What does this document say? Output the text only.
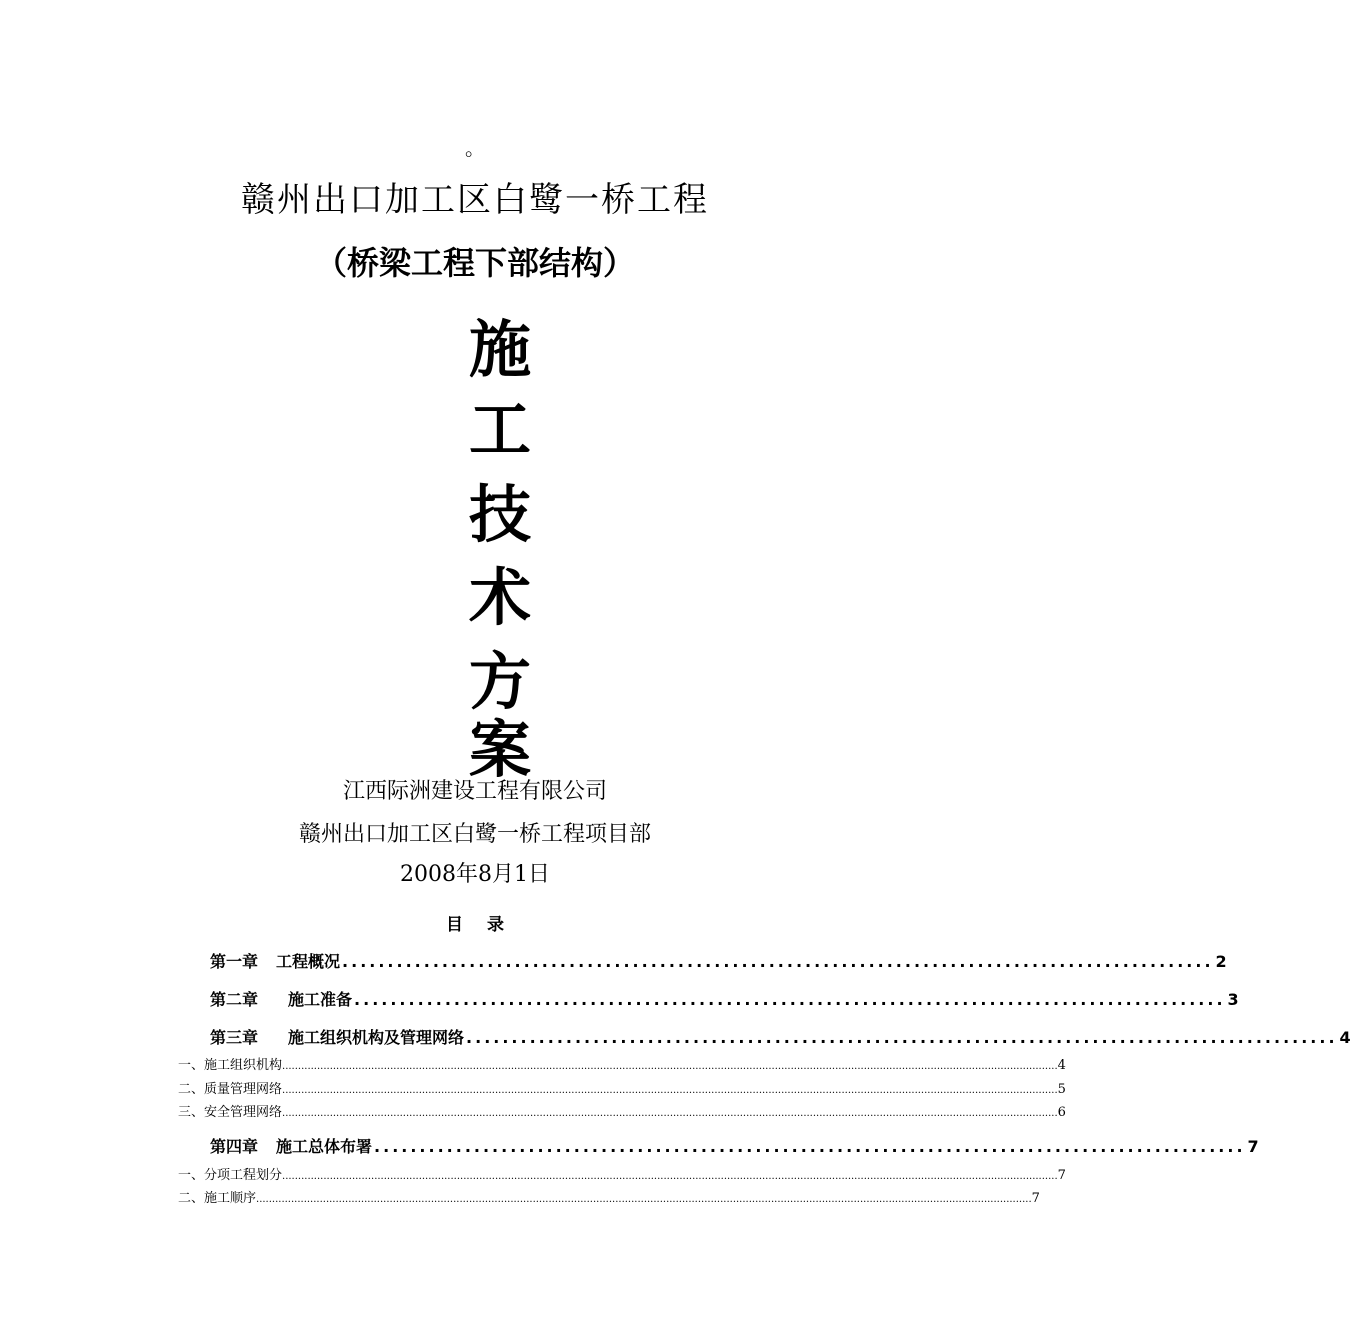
。
赣州出口加工区白鹭一桥工程
（桥梁工程下部结构）
施
工
技
术
方
案
江西际洲建设工程有限公司
赣州出口加工区白鹭一桥工程项目部
2008年8月1日
目 录
第一章 工程概况 ................................................................................................ 2
第二章 施工准备 ................................................................................................ 3
第三章 施工组织机构及管理网络 ................................................................................................ 4
一、施工组织机构 .................................................................................................................................................................................................................................................... 4
二、质量管理网络 .................................................................................................................................................................................................................................................... 5
三、安全管理网络 .................................................................................................................................................................................................................................................... 6
第四章 施工总体布署 ................................................................................................ 7
一、分项工程划分 .................................................................................................................................................................................................................................................... 7
二、施工顺序 .................................................................................................................................................................................................................................................... 7
